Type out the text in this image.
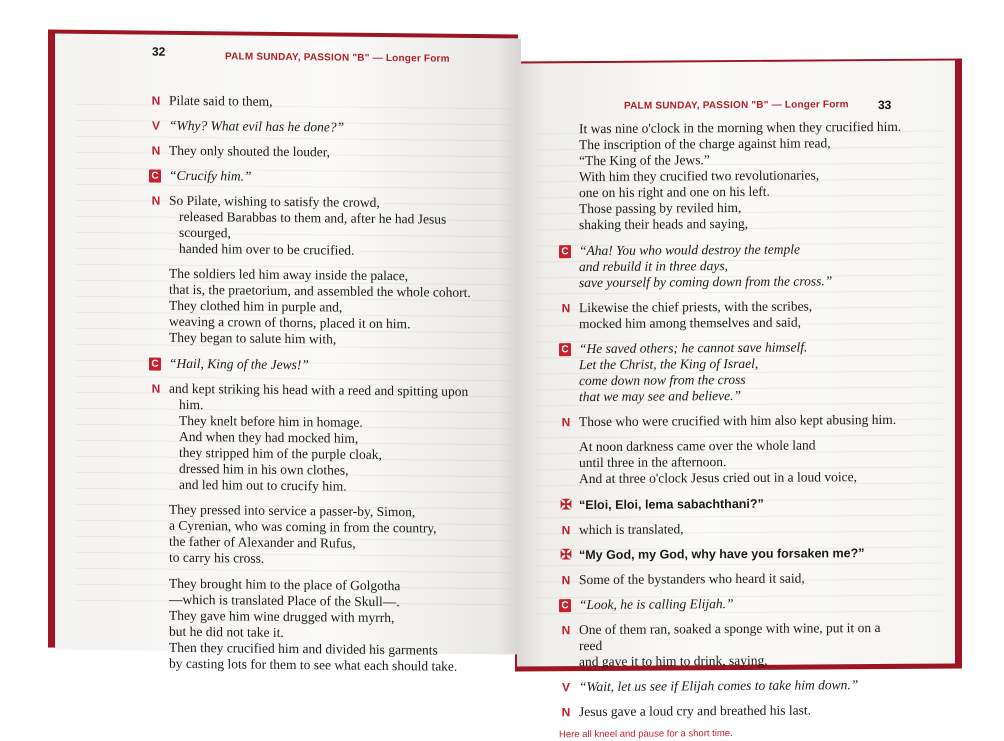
32	PALM SUNDAY, PASSION "B" — Longer Form
N Pilate said to them,
V “Why? What evil has he done?”
N They only shouted the louder,
C “Crucify him.”
N So Pilate, wishing to satisfy the crowd,
released Barabbas to them and, after he had Jesus
scourged,
handed him over to be crucified.
The soldiers led him away inside the palace,
that is, the praetorium, and assembled the whole cohort.
They clothed him in purple and,
weaving a crown of thorns, placed it on him.
They began to salute him with,
C “Hail, King of the Jews!”
N and kept striking his head with a reed and spitting upon
him.
They knelt before him in homage.
And when they had mocked him,
they stripped him of the purple cloak,
dressed him in his own clothes,
and led him out to crucify him.
They pressed into service a passer-by, Simon,
a Cyrenian, who was coming in from the country,
the father of Alexander and Rufus,
to carry his cross.
They brought him to the place of Golgotha
—which is translated Place of the Skull—.
They gave him wine drugged with myrrh,
but he did not take it.
Then they crucified him and divided his garments
by casting lots for them to see what each should take.
PALM SUNDAY, PASSION "B" — Longer Form 33
It was nine o'clock in the morning when they crucified him.
The inscription of the charge against him read,
“The King of the Jews.”
With him they crucified two revolutionaries,
one on his right and one on his left.
Those passing by reviled him,
shaking their heads and saying,
C “Aha! You who would destroy the temple
and rebuild it in three days,
save yourself by coming down from the cross.”
N Likewise the chief priests, with the scribes,
mocked him among themselves and said,
C “He saved others; he cannot save himself.
Let the Christ, the King of Israel,
come down now from the cross
that we may see and believe.”
N Those who were crucified with him also kept abusing him.
At noon darkness came over the whole land
until three in the afternoon.
And at three o'clock Jesus cried out in a loud voice,
✠ “Eloi, Eloi, lema sabachthani?”
N which is translated,
✠ “My God, my God, why have you forsaken me?”
N Some of the bystanders who heard it said,
C “Look, he is calling Elijah.”
N One of them ran, soaked a sponge with wine, put it on a
reed
and gave it to him to drink, saying,
V “Wait, let us see if Elijah comes to take him down.”
N Jesus gave a loud cry and breathed his last.
Here all kneel and pause for a short time.
